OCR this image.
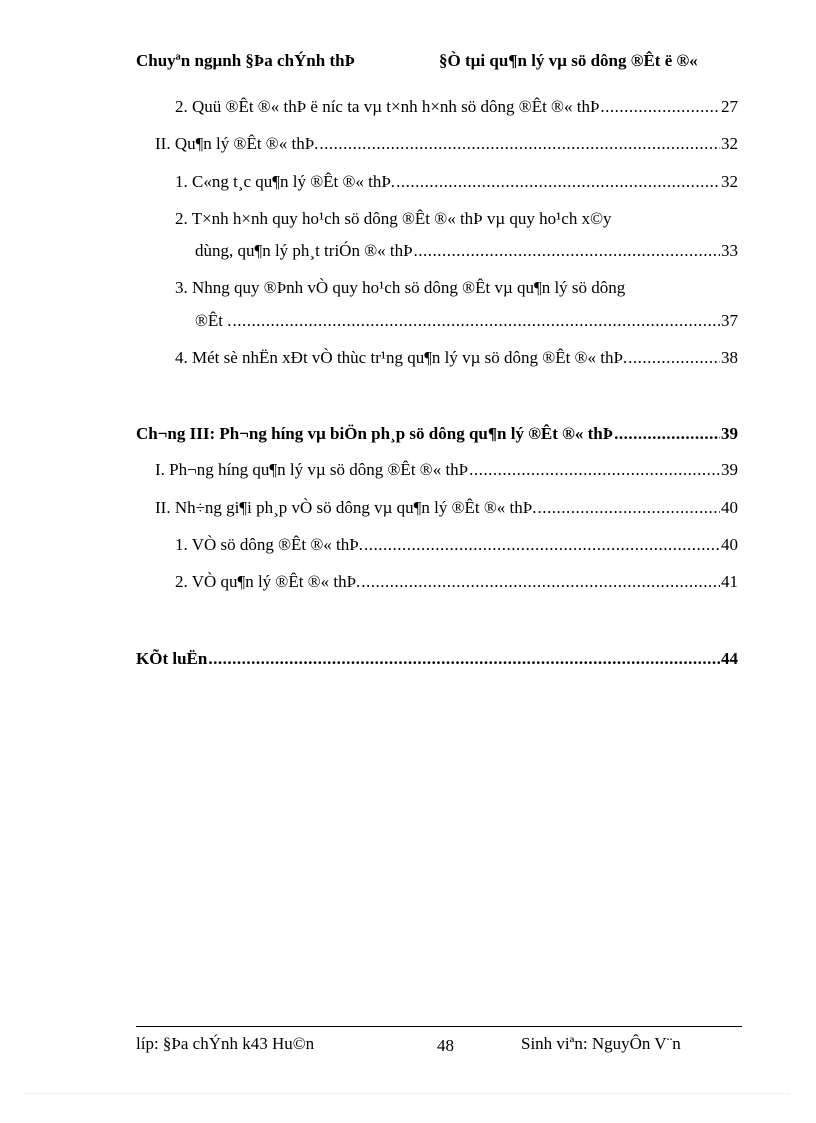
Chuyªn ngµnh §Þa chÝnh thÞ	§Ò tµi qu¶n lý vµ sö dông ®Êt ë ®«
2. Quü ®Êt ®« thÞ ë níc ta vµ t×nh h×nh sö dông ®Êt ®« thÞ .....	27
II. Qu¶n lý ®Êt ®« thÞ. .....	32
1. C«ng t¸c qu¶n lý ®Êt ®« thÞ. .....	32
2. T×nh h×nh quy ho¹ch sö dông ®Êt ®« thÞ vµ quy ho¹ch x©y
dùng, qu¶n lý ph¸t triÓn ®« thÞ .....	33
3. Nhng quy ®Þnh vÒ quy ho¹ch sö dông ®Êt vµ qu¶n lý sö dông
®Êt . .....	37
4. Mét sè nhËn xÐt vÒ thùc tr¹ng qu¶n lý vµ sö dông ®Êt ®« thÞ. .....	38
Ch¬ng III: Ph¬ng híng vµ biÖn ph¸p sö dông qu¶n lý ®Êt ®« thÞ .....	39
I. Ph¬ng híng qu¶n lý vµ sö dông ®Êt ®« thÞ .....	39
II. Nh÷ng gi¶i ph¸p vÒ sö dông vµ qu¶n lý ®Êt ®« thÞ. .....	40
1. VÒ sö dông ®Êt ®« thÞ. .....	40
2. VÒ qu¶n lý ®Êt ®« thÞ. .....	41
KÕt luËn .....	44
líp: §Þa chÝnh k43 Hu©n	48	Sinh viªn: NguyÔn V¨n
